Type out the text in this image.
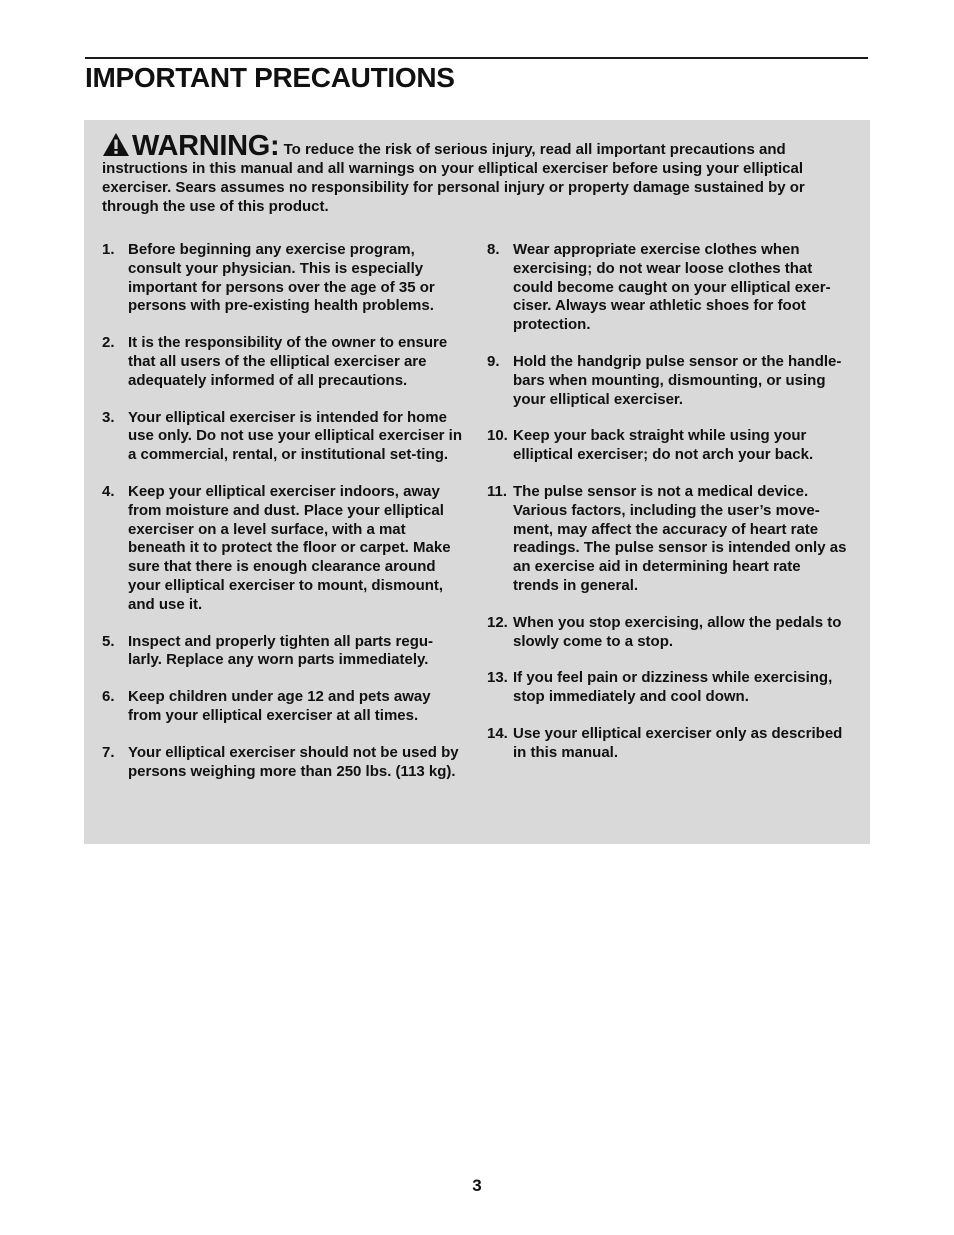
IMPORTANT PRECAUTIONS
WARNING: To reduce the risk of serious injury, read all important precautions and instructions in this manual and all warnings on your elliptical exerciser before using your elliptical exerciser. Sears assumes no responsibility for personal injury or property damage sustained by or through the use of this product.
1. Before beginning any exercise program, consult your physician. This is especially important for persons over the age of 35 or persons with pre-existing health problems.
2. It is the responsibility of the owner to ensure that all users of the elliptical exerciser are adequately informed of all precautions.
3. Your elliptical exerciser is intended for home use only. Do not use your elliptical exerciser in a commercial, rental, or institutional set-ting.
4. Keep your elliptical exerciser indoors, away from moisture and dust. Place your elliptical exerciser on a level surface, with a mat beneath it to protect the floor or carpet. Make sure that there is enough clearance around your elliptical exerciser to mount, dismount, and use it.
5. Inspect and properly tighten all parts regu-larly. Replace any worn parts immediately.
6. Keep children under age 12 and pets away from your elliptical exerciser at all times.
7. Your elliptical exerciser should not be used by persons weighing more than 250 lbs. (113 kg).
8. Wear appropriate exercise clothes when exercising; do not wear loose clothes that could become caught on your elliptical exer-ciser. Always wear athletic shoes for foot protection.
9. Hold the handgrip pulse sensor or the handle-bars when mounting, dismounting, or using your elliptical exerciser.
10. Keep your back straight while using your elliptical exerciser; do not arch your back.
11. The pulse sensor is not a medical device. Various factors, including the user’s move-ment, may affect the accuracy of heart rate readings. The pulse sensor is intended only as an exercise aid in determining heart rate trends in general.
12. When you stop exercising, allow the pedals to slowly come to a stop.
13. If you feel pain or dizziness while exercising, stop immediately and cool down.
14. Use your elliptical exerciser only as described in this manual.
3
